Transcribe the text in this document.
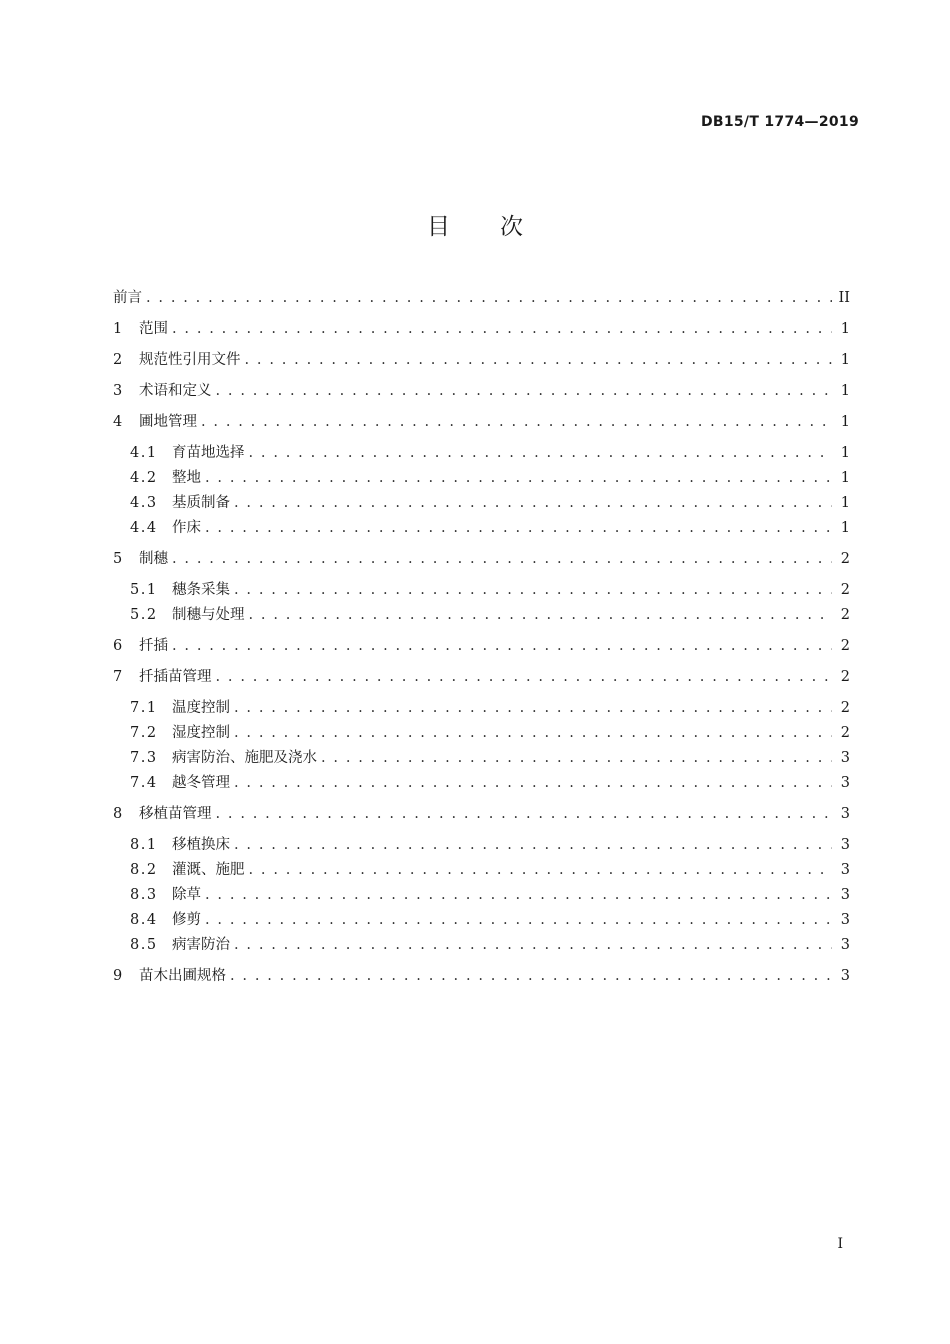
DB15/T 1774—2019
目 次
前言 . . .	II
1	范围 . . .	1
2	规范性引用文件 . . .	1
3	术语和定义 . . .	1
4	圃地管理 . . .	1
4.1 育苗地选择 . . .	1
4.2 整地 . . .	1
4.3 基质制备 . . .	1
4.4 作床 . . .	1
5	制穗 . . .	2
5.1 穗条采集 . . .	2
5.2 制穗与处理 . . .	2
6	扦插 . . .	2
7	扦插苗管理 . . .	2
7.1 温度控制 . . .	2
7.2 湿度控制 . . .	2
7.3 病害防治、施肥及浇水 . . .	3
7.4 越冬管理 . . .	3
8	移植苗管理 . . .	3
8.1 移植换床 . . .	3
8.2 灌溉、施肥 . . .	3
8.3 除草 . . .	3
8.4 修剪 . . .	3
8.5 病害防治 . . .	3
9	苗木出圃规格 . . .	3
I
